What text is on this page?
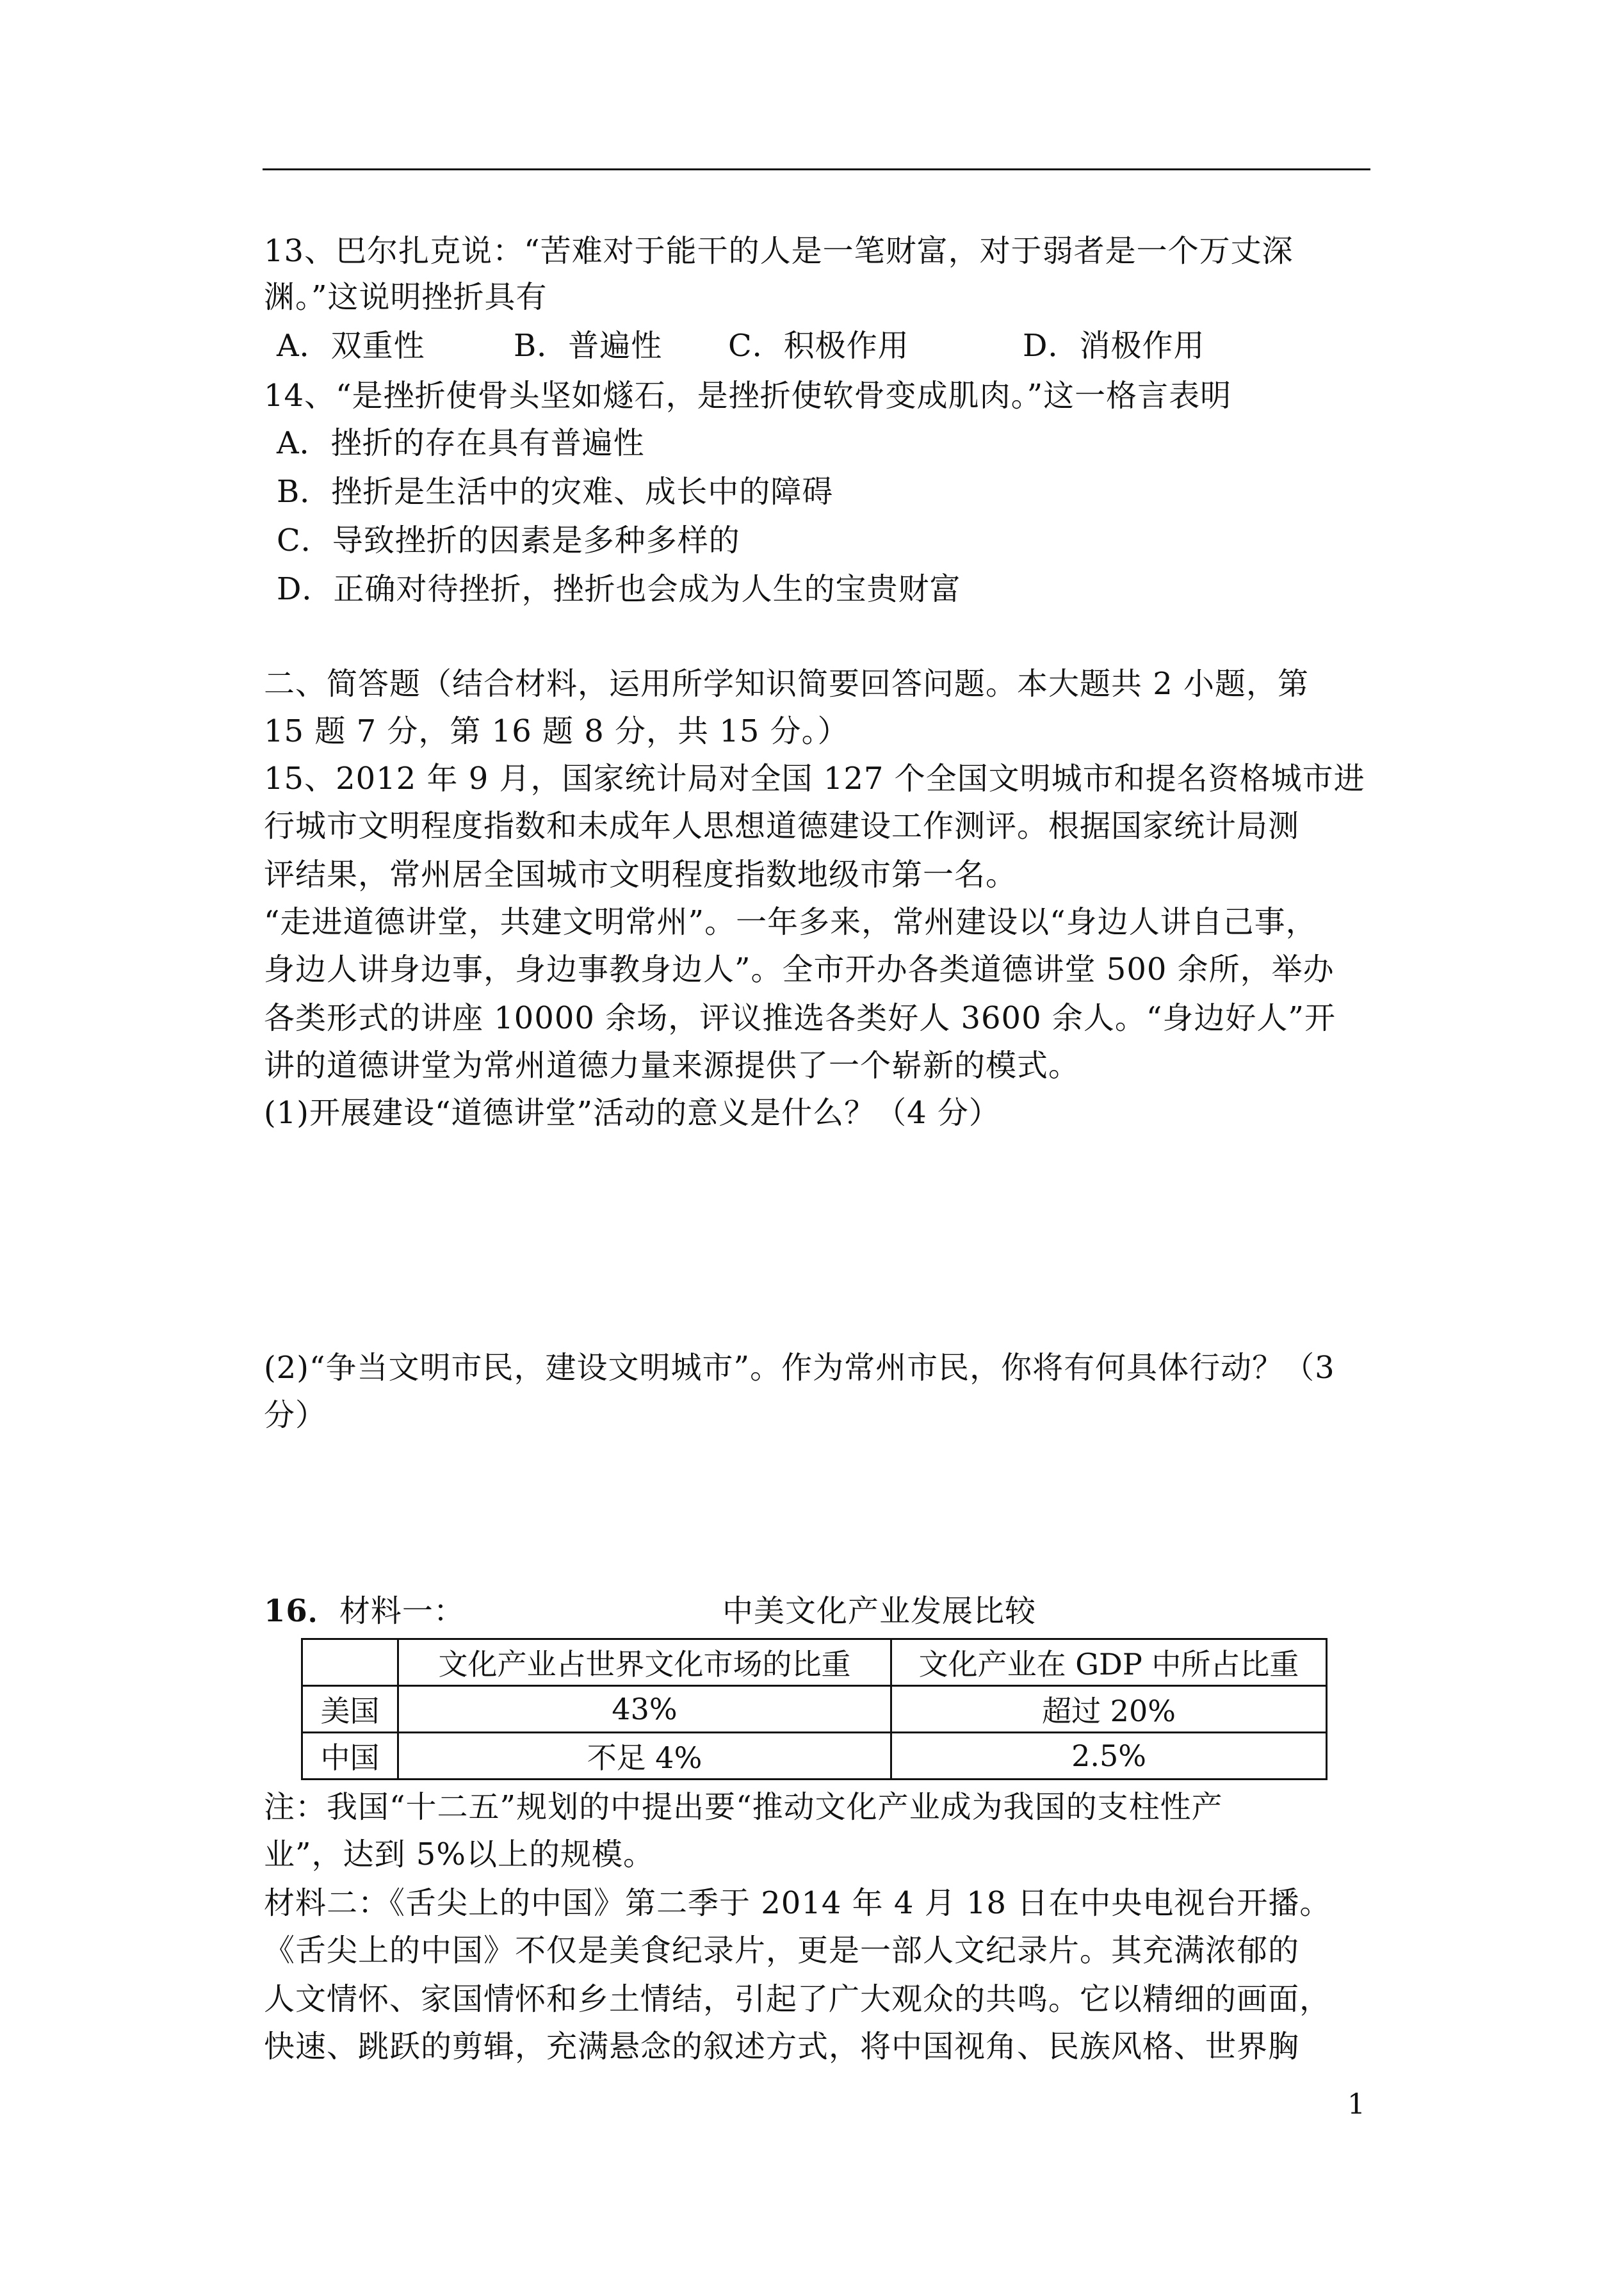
13、巴尔扎克说：“苦难对于能干的人是一笔财富，对于弱者是一个万丈深
渊。”这说明挫折具有
A．双重性	B．普遍性 C．积极作用	D．消极作用
14、“是挫折使骨头坚如燧石，是挫折使软骨变成肌肉。”这一格言表明
A．挫折的存在具有普遍性
B．挫折是生活中的灾难、成长中的障碍
C．导致挫折的因素是多种多样的
D．正确对待挫折，挫折也会成为人生的宝贵财富
二、简答题（结合材料，运用所学知识简要回答问题。本大题共 2 小题，第
15 题 7 分，第 16 题 8 分，共 15 分。）
15、2012 年 9 月，国家统计局对全国 127 个全国文明城市和提名资格城市进
行城市文明程度指数和未成年人思想道德建设工作测评。根据国家统计局测
评结果，常州居全国城市文明程度指数地级市第一名。
“走进道德讲堂，共建文明常州”。一年多来，常州建设以“身边人讲自己事，
身边人讲身边事，身边事教身边人”。全市开办各类道德讲堂 500 余所，举办
各类形式的讲座 10000 余场，评议推选各类好人 3600 余人。“身边好人”开
讲的道德讲堂为常州道德力量来源提供了一个崭新的模式。
(1)开展建设“道德讲堂”活动的意义是什么？（4 分）
(2)“争当文明市民，建设文明城市”。作为常州市民，你将有何具体行动？（3
分）
16．材料一：	中美文化产业发展比较
	文化产业占世界文化市场的比重	文化产业在 GDP 中所占比重
美国	43%	超过 20%
中国	不足 4%	2.5%
注：我国“十二五”规划的中提出要“推动文化产业成为我国的支柱性产
业”，达到 5%以上的规模。
材料二：《舌尖上的中国》第二季于 2014 年 4 月 18 日在中央电视台开播。
《舌尖上的中国》不仅是美食纪录片，更是一部人文纪录片。其充满浓郁的
人文情怀、家国情怀和乡土情结，引起了广大观众的共鸣。它以精细的画面，
快速、跳跃的剪辑，充满悬念的叙述方式，将中国视角、民族风格、世界胸
1
